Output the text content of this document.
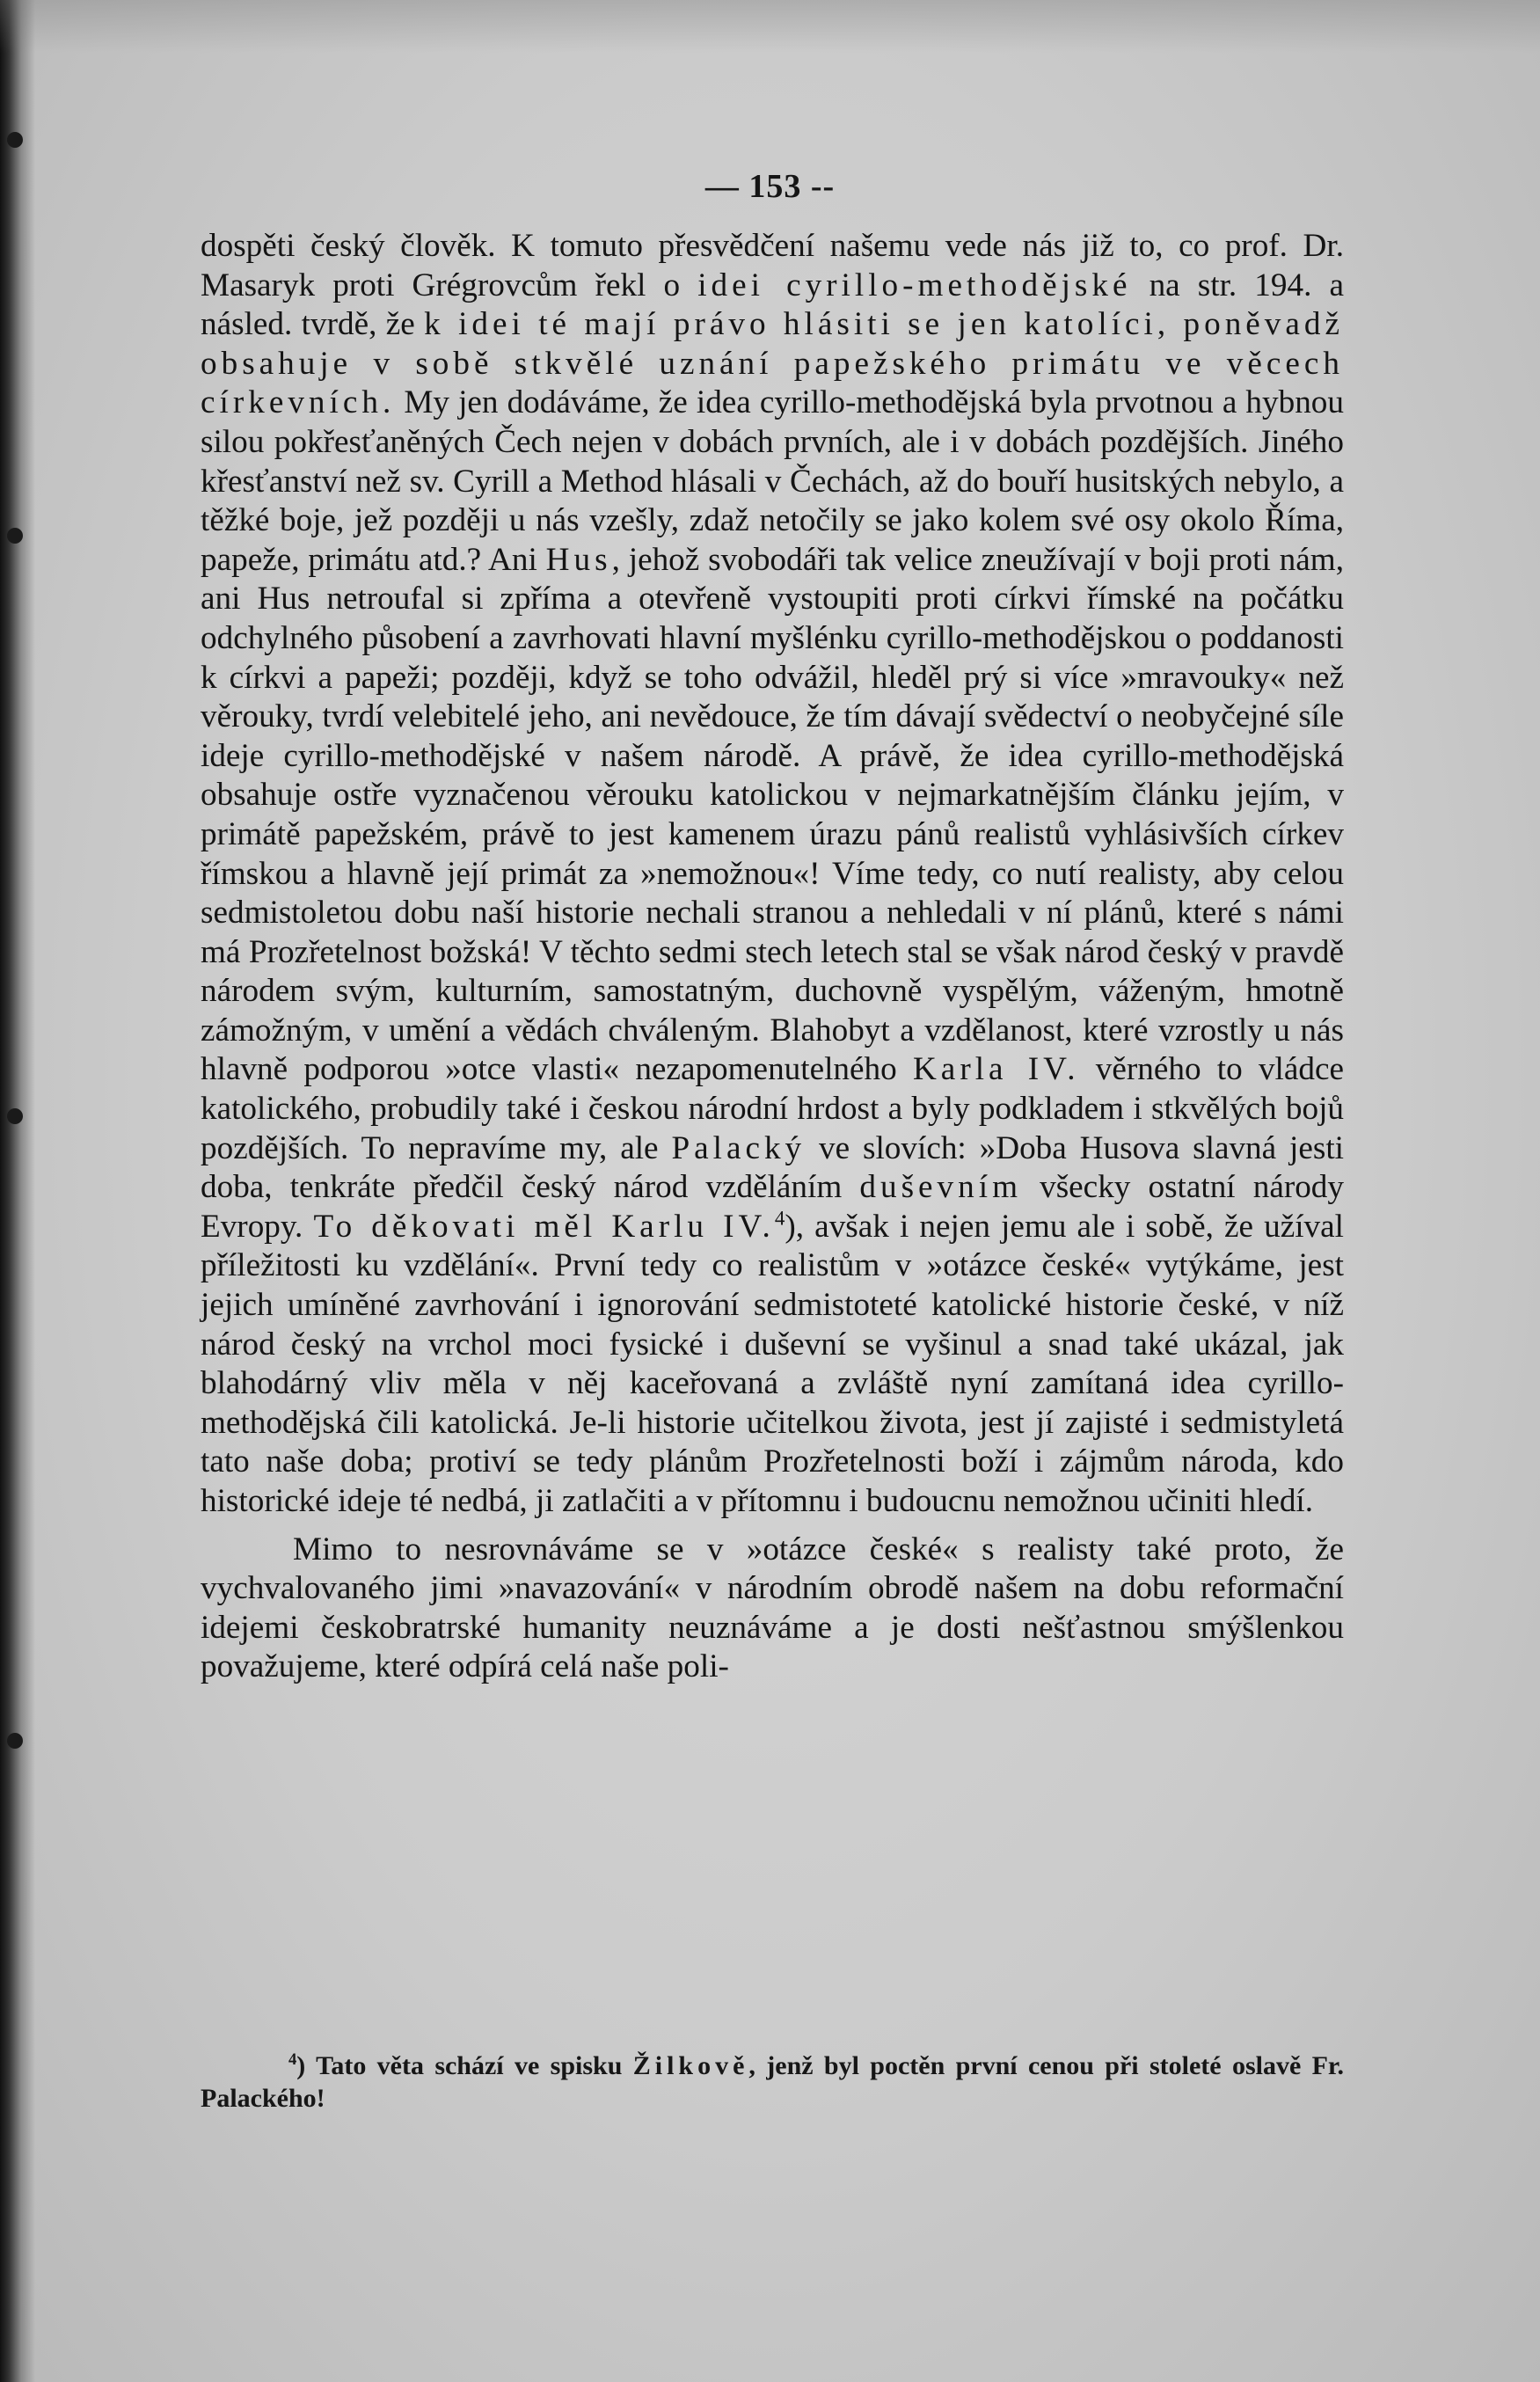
— 153 --

dospěti český člověk. K tomuto přesvědčení našemu vede nás již to, co prof. Dr. Masaryk proti Grégrovcům řekl o idei cyrillo-methodějské na str. 194. a násled. tvrdě, že k idei té mají právo hlásiti se jen katolíci, poněvadž obsahuje v sobě stkvělé uznání papežského primátu ve věcech církevních. My jen dodáváme, že idea cyrillo-methodějská byla prvotnou a hybnou silou pokřesťaněných Čech nejen v dobách prvních, ale i v dobách pozdějších. Jiného křesťanství než sv. Cyrill a Method hlásali v Čechách, až do bouří husitských nebylo, a těžké boje, jež později u nás vzešly, zdaž netočily se jako kolem své osy okolo Říma, papeže, primátu atd.? Ani Hus, jehož svobodáři tak velice zneužívají v boji proti nám, ani Hus netroufal si zpříma a otevřeně vystoupiti proti církvi římské na počátku odchylného působení a zavrhovati hlavní myšlénku cyrillo-methodějskou o poddanosti k církvi a papeži; později, když se toho odvážil, hleděl prý si více »mravouky« než věrouky, tvrdí velebitelé jeho, ani nevědouce, že tím dávají svědectví o neobyčejné síle ideje cyrillo-methodějské v našem národě. A právě, že idea cyrillo-methodějská obsahuje ostře vyznačenou věrouku katolickou v nejmarkatnějším článku jejím, v primátě papežském, právě to jest kamenem úrazu pánů realistů vyhlásivších církev římskou a hlavně její primát za »nemožnou«! Víme tedy, co nutí realisty, aby celou sedmistoletou dobu naší historie nechali stranou a nehledali v ní plánů, které s námi má Prozřetelnost božská! V těchto sedmi stech letech stal se však národ český v pravdě národem svým, kulturním, samostatným, duchovně vyspělým, váženým, hmotně zámožným, v umění a vědách chváleným. Blahobyt a vzdělanost, které vzrostly u nás hlavně podporou »otce vlasti« nezapomenutelného Karla IV. věrného to vládce katolického, probudily také i českou národní hrdost a byly podkladem i stkvělých bojů pozdějších. To nepravíme my, ale Palacký ve slovích: »Doba Husova slavná jesti doba, tenkráte předčil český národ vzděláním duševním všecky ostatní národy Evropy. To děkovati měl Karlu IV.$^4$), avšak i nejen jemu ale i sobě, že užíval příležitosti ku vzdělání«. První tedy co realistům v »otázce české« vytýkáme, jest jejich umíněné zavrhování i ignorování sedmistoteté katolické historie české, v níž národ český na vrchol moci fysické i duševní se vyšinul a snad také ukázal, jak blahodárný vliv měla v něj kaceřovaná a zvláště nyní zamítaná idea cyrillo-methodějská čili katolická. Je-li historie učitelkou života, jest jí zajisté i sedmistyletá tato naše doba; protiví se tedy plánům Prozřetelnosti boží i zájmům národa, kdo historické ideje té nedbá, ji zatlačiti a v přítomnu i budoucnu nemožnou učiniti hledí.

Mimo to nesrovnáváme se v »otázce české« s realisty také proto, že vychvalovaného jimi »navazování« v národním obrodě našem na dobu reformační idejemi českobratrské humanity neuznáváme a je dosti nešťastnou smýšlenkou považujeme, které odpírá celá naše poli-

$^4$) Tato věta schází ve spisku Žilkově, jenž byl poctěn první cenou při stoleté oslavě Fr. Palackého!
